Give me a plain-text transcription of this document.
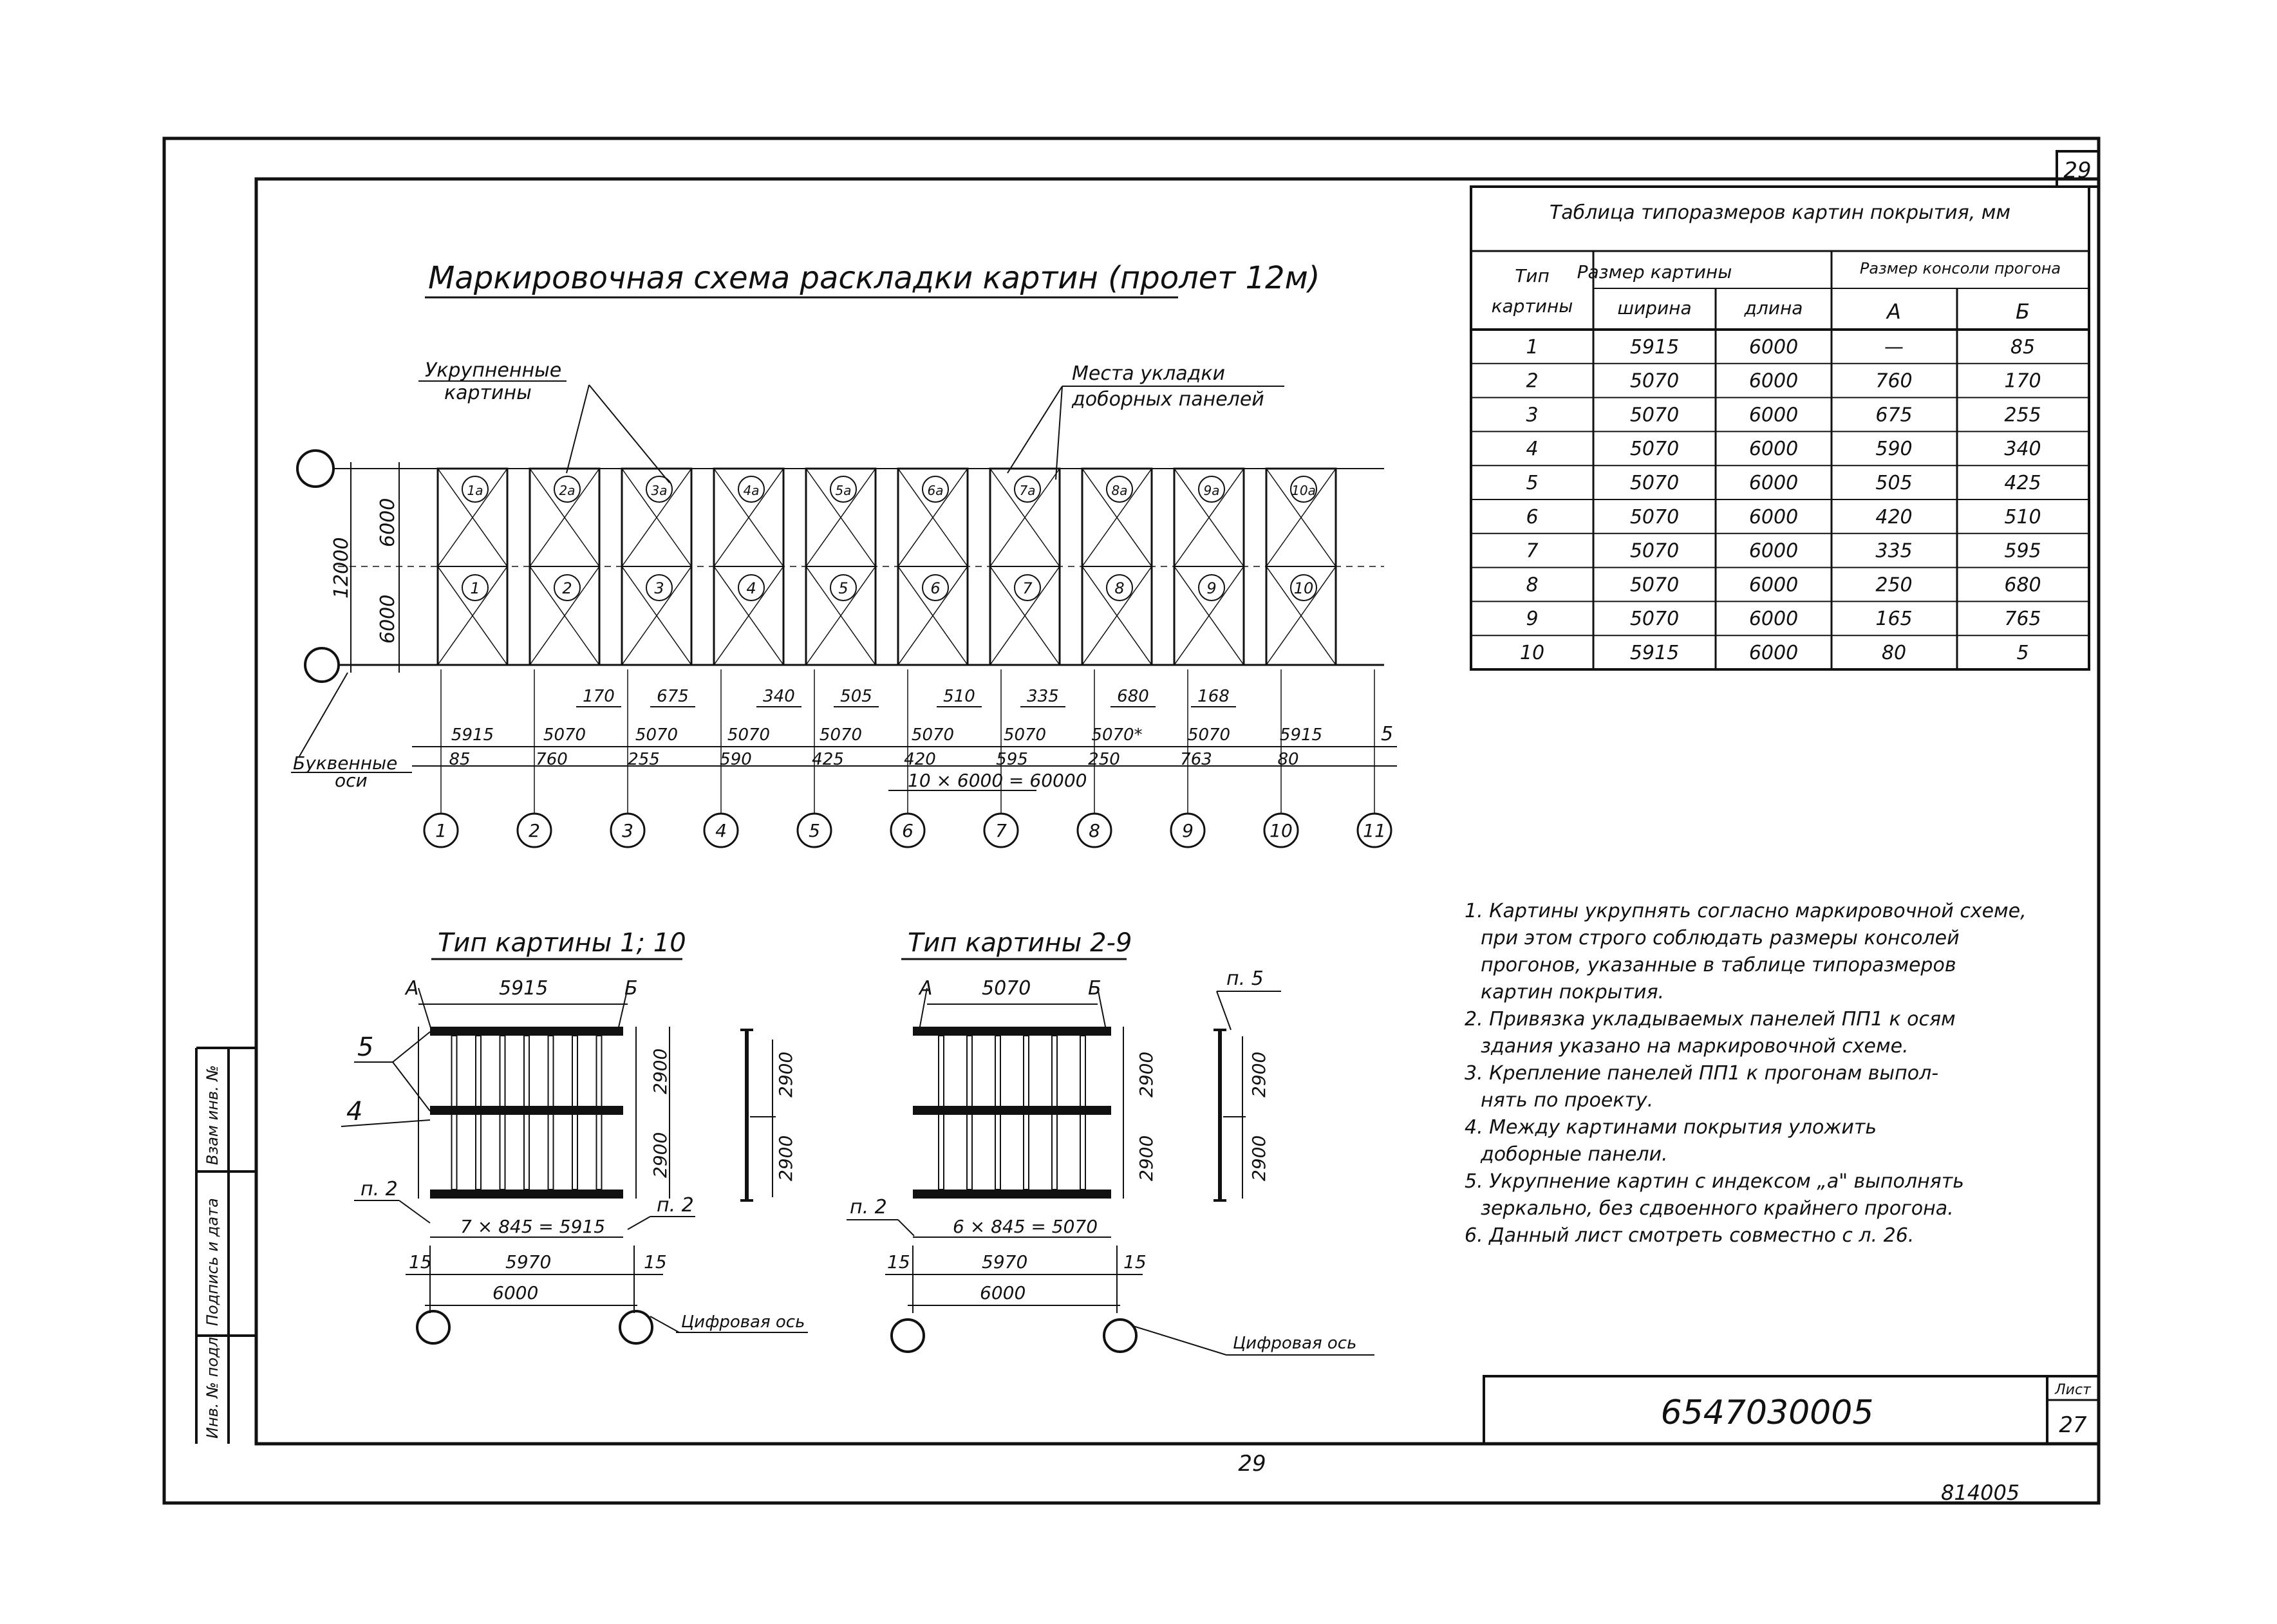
29
Инв. № подл.
Подпись и дата
Взам инв. №
Маркировочная схема раскладки картин (пролет 12м)
12000
6000
6000
Укрупненные
картины
Места укладки
доборных панелей
Буквенные
оси
5
10 × 6000 = 60000
1а
1
5915
85
2а
2
5070
760
3а
3
5070
255
4а
4
5070
590
5а
5
5070
425
6а
6
5070
420
7а
7
5070
595
8а
8
5070*
250
9а
9
5070
763
10а
10
5915
80
170	675	340	505	510	335	680	168
1	2	3	4	5	6	7	8	9	10	11
Таблица типоразмеров картин покрытия, мм
Тип
картины
Размер картины
ширина	длина
Размер консоли прогона
А	Б
1	5915	6000	—	85
2	5070	6000	760	170
3	5070	6000	675	255
4	5070	6000	590	340
5	5070	6000	505	425
6	5070	6000	420	510
7	5070	6000	335	595
8	5070	6000	250	680
9	5070	6000	165	765
10	5915	6000	80	5
Тип картины 1; 10
А	Б
5915
2900
2900
5
4
п. 2
п. 2
7 × 845 = 5915
15	5970	15
6000
Цифровая ось
2900
2900
Тип картины 2-9
А	Б
5070
2900
2900
п. 2
6 × 845 = 5070
15	5970	15
6000
Цифровая ось
п. 5
2900
2900
1. Картины укрупнять согласно маркировочной схеме,
при этом строго соблюдать размеры консолей
прогонов, указанные в таблице типоразмеров
картин покрытия.
2. Привязка укладываемых панелей ПП1 к осям
здания указано на маркировочной схеме.
3. Крепление панелей ПП1 к прогонам выпол-
нять по проекту.
4. Между картинами покрытия уложить
доборные панели.
5. Укрупнение картин с индексом „а" выполнять
зеркально, без сдвоенного крайнего прогона.
6. Данный лист смотреть совместно с л. 26.
6547030005
Лист
27
29
814005
